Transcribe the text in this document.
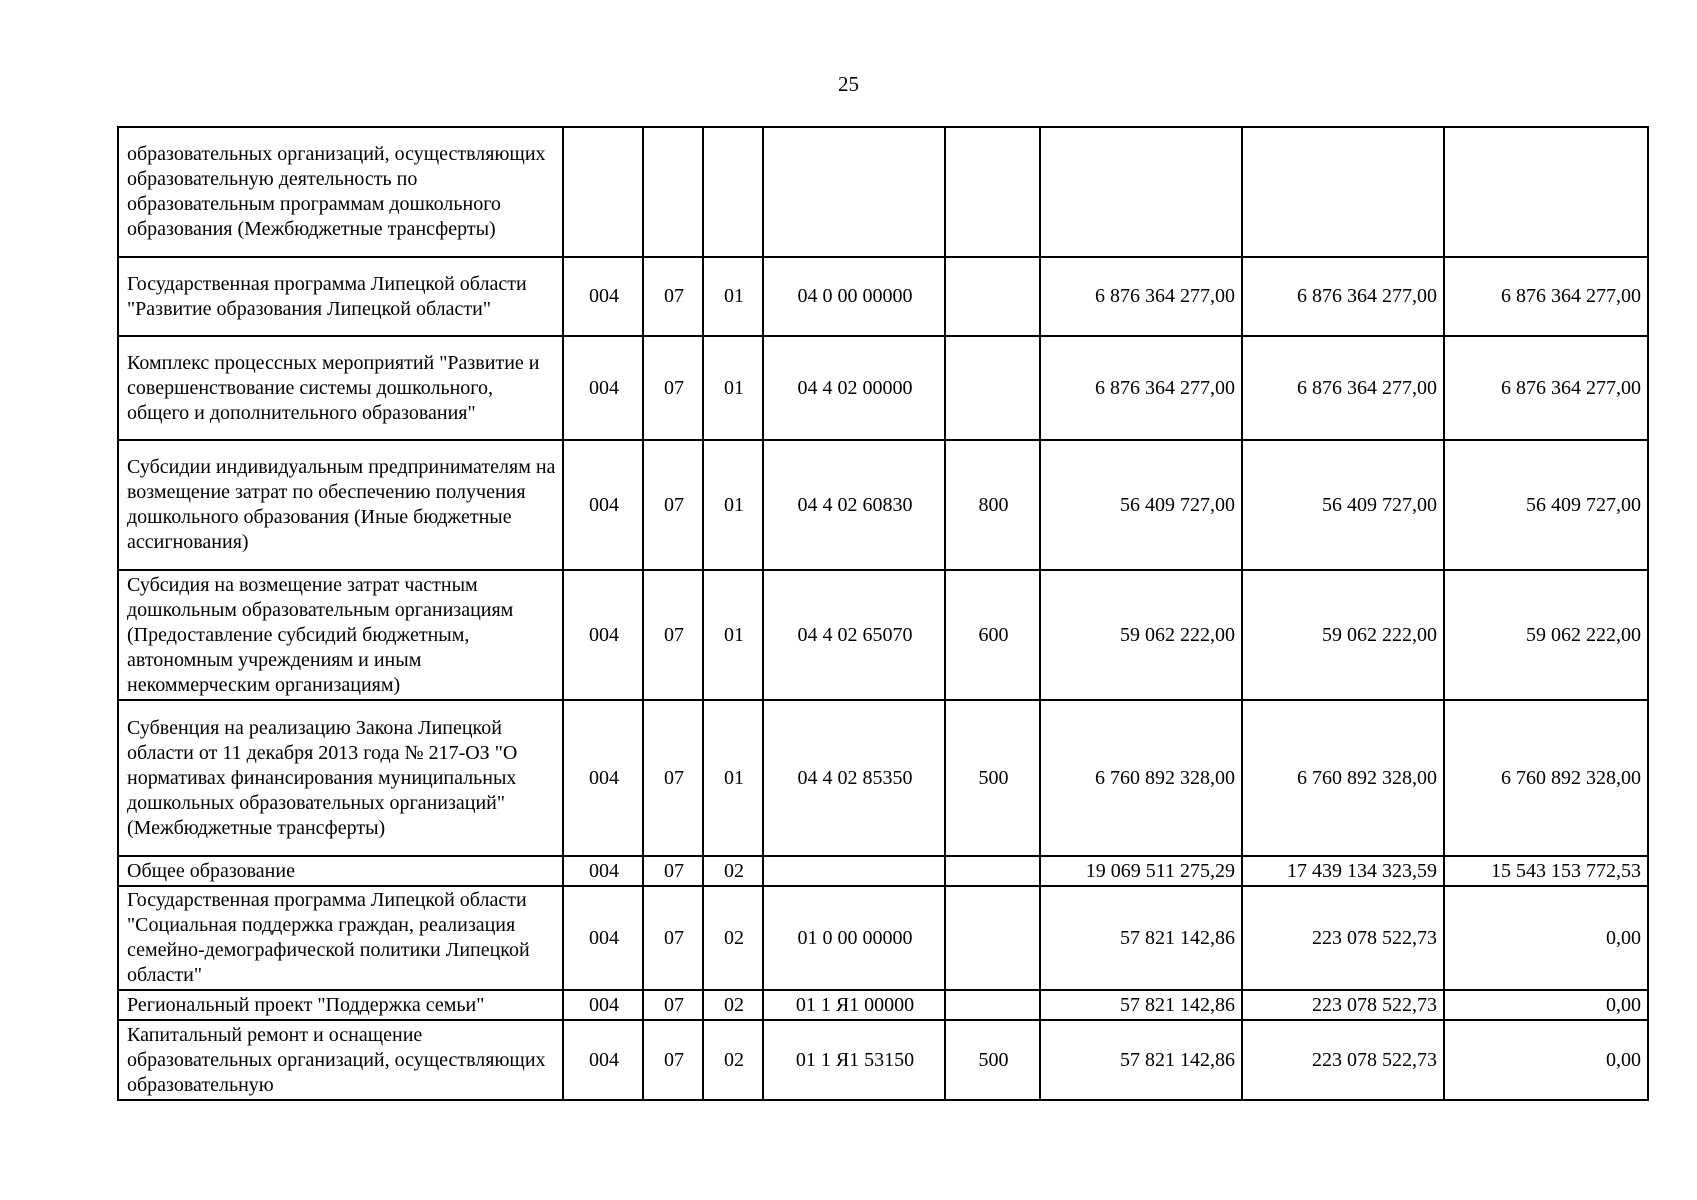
25
образовательных организаций, осуществляющих образовательную деятельность по образовательным программам дошкольного образования (Межбюджетные трансферты)								
Государственная программа Липецкой области "Развитие образования Липецкой области"	004	07	01	04 0 00 00000		6 876 364 277,00	6 876 364 277,00	6 876 364 277,00
Комплекс процессных мероприятий "Развитие и совершенствование системы дошкольного, общего и дополнительного образования"	004	07	01	04 4 02 00000		6 876 364 277,00	6 876 364 277,00	6 876 364 277,00
Субсидии индивидуальным предпринимателям на возмещение затрат по обеспечению получения дошкольного образования (Иные бюджетные ассигнования)	004	07	01	04 4 02 60830	800	56 409 727,00	56 409 727,00	56 409 727,00
Субсидия на возмещение затрат частным дошкольным образовательным организациям (Предоставление субсидий бюджетным, автономным учреждениям и иным некоммерческим организациям)	004	07	01	04 4 02 65070	600	59 062 222,00	59 062 222,00	59 062 222,00
Субвенция на реализацию Закона Липецкой области от 11 декабря 2013 года № 217-ОЗ "О нормативах финансирования муниципальных дошкольных образовательных организаций" (Межбюджетные трансферты)	004	07	01	04 4 02 85350	500	6 760 892 328,00	6 760 892 328,00	6 760 892 328,00
Общее образование	004	07	02			19 069 511 275,29	17 439 134 323,59	15 543 153 772,53
Государственная программа Липецкой области "Социальная поддержка граждан, реализация семейно-демографической политики Липецкой области"	004	07	02	01 0 00 00000		57 821 142,86	223 078 522,73	0,00
Региональный проект "Поддержка семьи"	004	07	02	01 1 Я1 00000		57 821 142,86	223 078 522,73	0,00
Капитальный ремонт и оснащение образовательных организаций, осуществляющих образовательную	004	07	02	01 1 Я1 53150	500	57 821 142,86	223 078 522,73	0,00
